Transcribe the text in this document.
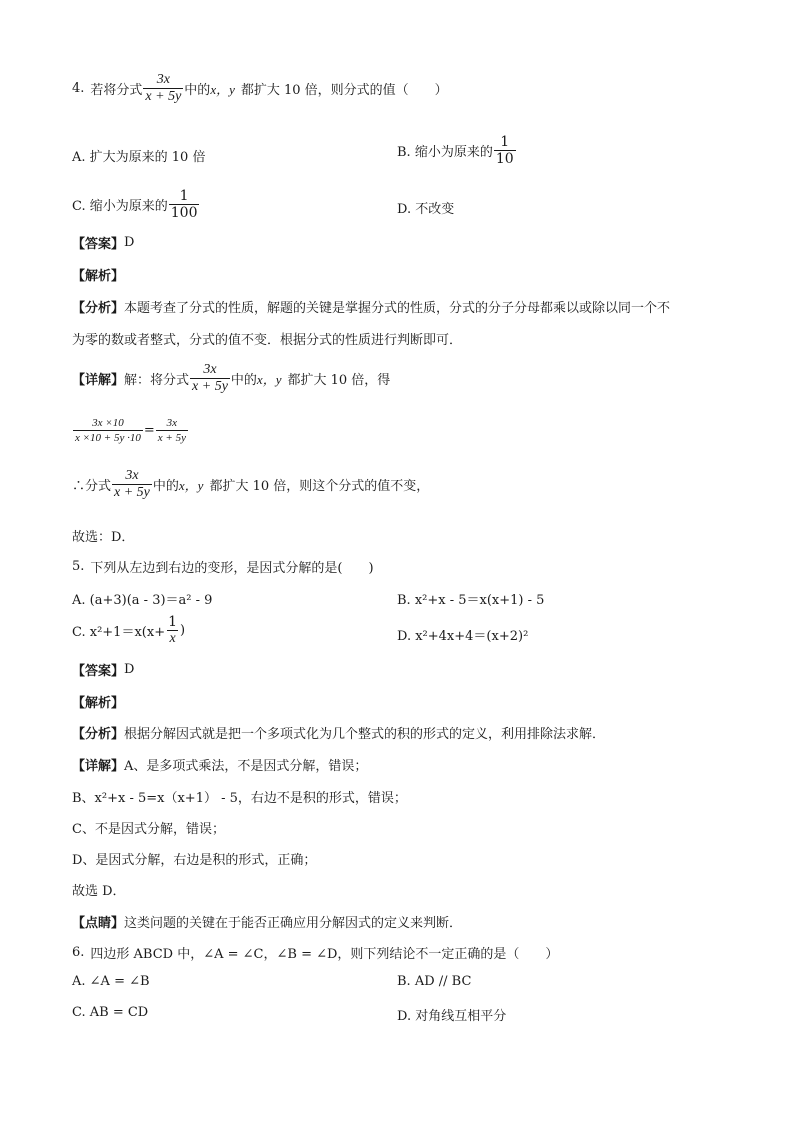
4. 若将分式 $\frac{3x}{x + 5y}$ 中的 x，y 都扩大 10 倍，则分式的值（　　）
A. 扩大为原来的 10 倍	B. 缩小为原来的 $\frac{1}{10}$
C. 缩小为原来的 $\frac{1}{100}$	D. 不改变
【答案】 D
【解析】
【分析】 本题考查了分式的性质，解题的关键是掌握分式的性质，分式的分子分母都乘以或除以同一个不
为零的数或者整式，分式的值不变．根据分式的性质进行判断即可．
【详解】 解：将分式 $\frac{3x}{x + 5y}$ 中的 x，y 都扩大 10 倍，得
$\frac{3x \times 10}{x \times 10 + 5y \cdot 10} = \frac{3x}{x + 5y}$
∴分式 $\frac{3x}{x + 5y}$ 中的 x，y 都扩大 10 倍，则这个分式的值不变，
故选：D．
5. 下列从左边到右边的变形，是因式分解的是(　　)
A. (a+3)(a - 3)＝a² - 9	B. x²+x - 5＝x(x+1) - 5
C. $x^2+1=x(x+ \frac{1}{x}$ )	D. x²+4x+4＝(x+2)²
【答案】 D
【解析】
【分析】 根据分解因式就是把一个多项式化为几个整式的积的形式的定义，利用排除法求解．
【详解】 A、是多项式乘法，不是因式分解，错误；
B、x²+x - 5=x（x+1） - 5，右边不是积的形式，错误；
C、不是因式分解，错误；
D、是因式分解，右边是积的形式，正确；
故选 D．
【点睛】 这类问题的关键在于能否正确应用分解因式的定义来判断．
6. 四边形 ABCD 中，∠A = ∠C，∠B = ∠D，则下列结论不一定正确的是（　　）
A. ∠A = ∠B	B. AD // BC
C. AB = CD	D. 对角线互相平分
